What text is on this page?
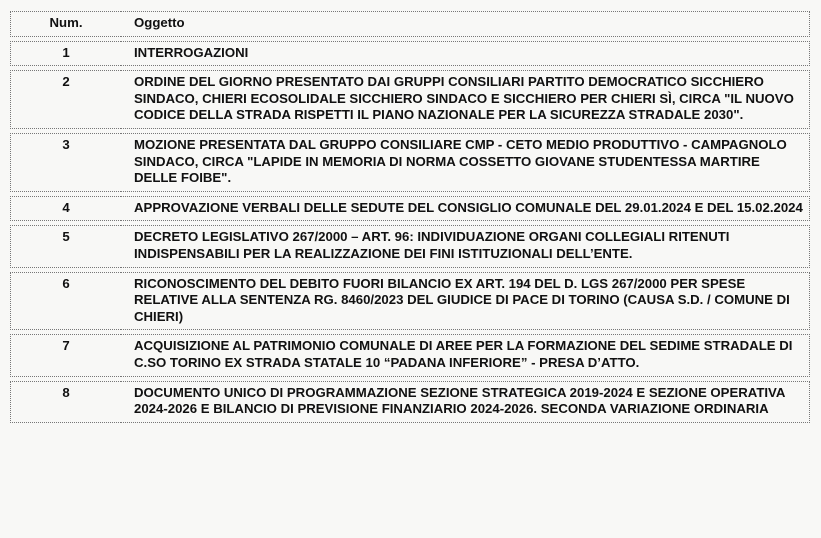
Num.	Oggetto
1	INTERROGAZIONI
2	ORDINE DEL GIORNO PRESENTATO DAI GRUPPI CONSILIARI PARTITO DEMOCRATICO SICCHIERO SINDACO, CHIERI ECOSOLIDALE SICCHIERO SINDACO E SICCHIERO PER CHIERI SÌ, CIRCA "IL NUOVO CODICE DELLA STRADA RISPETTI IL PIANO NAZIONALE PER LA SICUREZZA STRADALE 2030".
3	MOZIONE PRESENTATA DAL GRUPPO CONSILIARE CMP - CETO MEDIO PRODUTTIVO - CAMPAGNOLO SINDACO, CIRCA "LAPIDE IN MEMORIA DI NORMA COSSETTO GIOVANE STUDENTESSA MARTIRE DELLE FOIBE".
4	APPROVAZIONE VERBALI DELLE SEDUTE DEL CONSIGLIO COMUNALE DEL 29.01.2024 E DEL 15.02.2024
5	DECRETO LEGISLATIVO 267/2000 – ART. 96: INDIVIDUAZIONE ORGANI COLLEGIALI RITENUTI INDISPENSABILI PER LA REALIZZAZIONE DEI FINI ISTITUZIONALI DELL’ENTE.
6	RICONOSCIMENTO DEL DEBITO FUORI BILANCIO EX ART. 194 DEL D. LGS 267/2000 PER SPESE RELATIVE ALLA SENTENZA RG. 8460/2023 DEL GIUDICE DI PACE DI TORINO (CAUSA S.D. / COMUNE DI CHIERI)
7	ACQUISIZIONE AL PATRIMONIO COMUNALE DI AREE PER LA FORMAZIONE DEL SEDIME STRADALE DI C.SO TORINO EX STRADA STATALE 10 “PADANA INFERIORE” - PRESA D’ATTO.
8	DOCUMENTO UNICO DI PROGRAMMAZIONE SEZIONE STRATEGICA 2019-2024 E SEZIONE OPERATIVA 2024-2026 E BILANCIO DI PREVISIONE FINANZIARIO 2024-2026. SECONDA VARIAZIONE ORDINARIA
